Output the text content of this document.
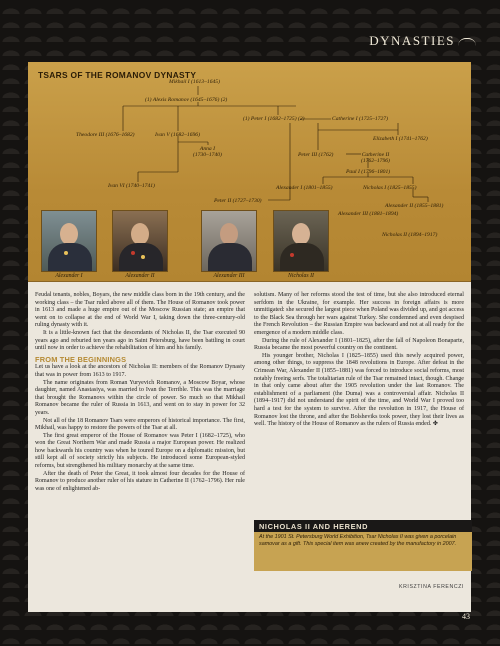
DYNASTIES
TSARS OF THE ROMANOV DYNASTY
Mikhail I (1613–1645)
(1) Alexis Romanov (1645–1676) (2)
(1) Peter I (1682–1725) (2)	Catherine I (1725–1727)
Theodore III (1676–1682)	Ivan V (1682–1696)
Elizabeth I (1741–1762)
Anna I
(1730–1740)	Peter III (1762)	Catherine II
(1762–1796)
Paul I (1796–1801)
Ivan VI (1740–1741)	Alexander I (1801–1855)	Nicholas I (1825–1855)
Peter II (1727–1730)
Alexander II (1855–1881)
Alexander III (1881–1894)
Nicholas II (1894–1917)
Alexander I	Alexander II	Alexander III	Nicholas II

Feudal tenants, nobles, Boyars, the new middle class born in the 19th century, and the working class – the Tsar ruled above all of them. The House of Romanov took power in 1613 and made a huge empire out of the Moscow Russian state; an empire that went on to collapse at the end of World War I, taking down the three-century-old ruling dynasty with it.

It is a little-known fact that the descendants of Nicholas II, the Tsar executed 90 years ago and reburied ten years ago in Saint Petersburg, have been battling in court until now in order to achieve the rehabilitation of him and his family.

FROM THE BEGINNINGS

Let us have a look at the ancestors of Nicholas II: members of the Romanov Dynasty that was in power from 1613 to 1917.

The name originates from Roman Yuryevich Romanov, a Moscow Boyar, whose daughter, named Anastasiya, was married to Ivan the Terrible. This was the marriage that brought the Romanovs within the circle of power. So much so that Mikhail Romanov became the ruler of Russia in 1613, and went on to stay in power for 32 years.

Not all of the 18 Romanov Tsars were emperors of historical importance. The first, Mikhail, was happy to restore the powers of the Tsar at all.

The first great emperor of the House of Romanov was Peter I (1682–1725), who won the Great Northern War and made Russia a major European power. He realized how backwards his country was when he toured Europe on a diplomatic mission, but still kept all of society strictly his subjects. He introduced some European-styled reforms, but strengthened his military monarchy at the same time.

After the death of Peter the Great, it took almost four decades for the House of Romanov to produce another ruler of his stature in Catherine II (1762–1796). Her rule was one of enlightened ab-

solutism. Many of her reforms stood the test of time, but she also introduced eternal serfdom in the Ukraine, for example. Her success in foreign affairs is more unmitigated: she secured the largest piece when Poland was divided up, and got access to the Black Sea through her wars against Turkey. She condemned and even despised the French Revolution – the Russian Empire was backward and not at all ready for the emergence of a modern middle class.

During the rule of Alexander I (1801–1825), after the fall of Napoleon Bonaparte, Russia became the most powerful country on the continent.

His younger brother, Nicholas I (1825–1855) used this newly acquired power, among other things, to suppress the 1848 revolutions in Europe. After defeat in the Crimean War, Alexander II (1855–1881) was forced to introduce social reforms, most notably freeing serfs. The totalitarian rule of the Tsar remained intact, though. Change in that only came about after the 1905 revolution under the last Romanov. The establishment of a parliament (the Duma) was a controversial affair. Nicholas II (1894–1917) did not understand the spirit of the time, and World War I proved too hard a test for the system to survive. After the revolution in 1917, the House of Romanov lost the throne, and after the Bolsheviks took power, they lost their lives as well. The history of the House of Romanov as the rulers of Russia ended. ✤

KRISZTINA FERENCZI
NICHOLAS II AND HEREND
At the 1901 St. Petersburg World Exhibition, Tsar Nicholas II was given a porcelain samovar as a gift. This special item was anew created by the manufactory in 2007.
43
